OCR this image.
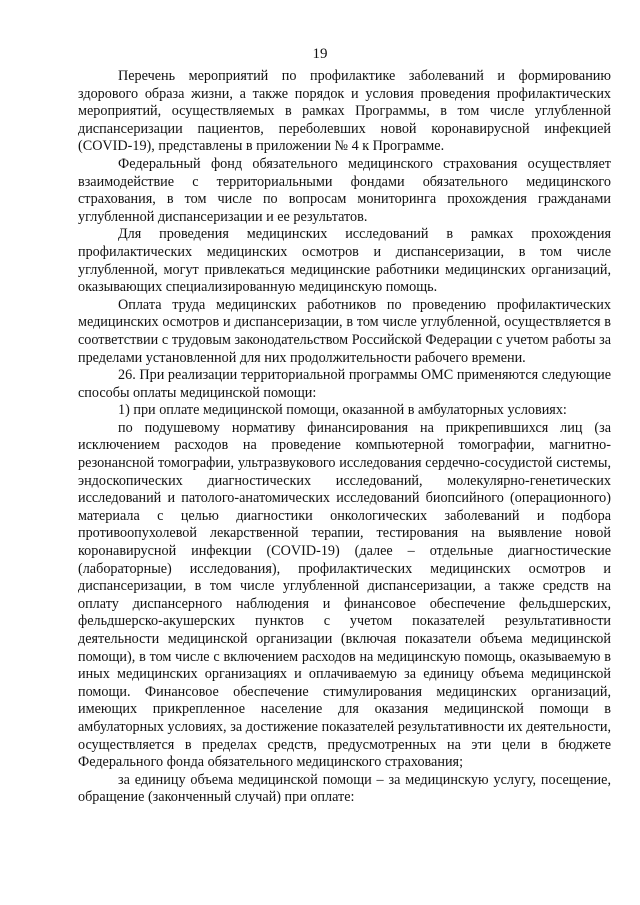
19

Перечень мероприятий по профилактике заболеваний и формированию здорового образа жизни, а также порядок и условия проведения профилактических мероприятий, осуществляемых в рамках Программы, в том числе углубленной диспансеризации пациентов, переболевших новой коронавирусной инфекцией (COVID-19), представлены в приложении № 4 к Программе.

Федеральный фонд обязательного медицинского страхования осуществляет взаимодействие с территориальными фондами обязательного медицинского страхования, в том числе по вопросам мониторинга прохождения гражданами углубленной диспансеризации и ее результатов.

Для проведения медицинских исследований в рамках прохождения профилактических медицинских осмотров и диспансеризации, в том числе углубленной, могут привлекаться медицинские работники медицинских организаций, оказывающих специализированную медицинскую помощь.

Оплата труда медицинских работников по проведению профилактических медицинских осмотров и диспансеризации, в том числе углубленной, осуществляется в соответствии с трудовым законодательством Российской Федерации с учетом работы за пределами установленной для них продолжительности рабочего времени.

26. При реализации территориальной программы ОМС применяются следующие способы оплаты медицинской помощи:

1) при оплате медицинской помощи, оказанной в амбулаторных условиях:

по подушевому нормативу финансирования на прикрепившихся лиц (за исключением расходов на проведение компьютерной томографии, магнитно-резонансной томографии, ультразвукового исследования сердечно-сосудистой системы, эндоскопических диагностических исследований, молекулярно-генетических исследований и патолого-анатомических исследований биопсийного (операционного) материала с целью диагностики онкологических заболеваний и подбора противоопухолевой лекарственной терапии, тестирования на выявление новой коронавирусной инфекции (COVID-19) (далее – отдельные диагностические (лабораторные) исследования), профилактических медицинских осмотров и диспансеризации, в том числе углубленной диспансеризации, а также средств на оплату диспансерного наблюдения и финансовое обеспечение фельдшерских, фельдшерско-акушерских пунктов с учетом показателей результативности деятельности медицинской организации (включая показатели объема медицинской помощи), в том числе с включением расходов на медицинскую помощь, оказываемую в иных медицинских организациях и оплачиваемую за единицу объема медицинской помощи. Финансовое обеспечение стимулирования медицинских организаций, имеющих прикрепленное население для оказания медицинской помощи в амбулаторных условиях, за достижение показателей результативности их деятельности, осуществляется в пределах средств, предусмотренных на эти цели в бюджете Федерального фонда обязательного медицинского страхования;

за единицу объема медицинской помощи – за медицинскую услугу, посещение, обращение (законченный случай) при оплате:
